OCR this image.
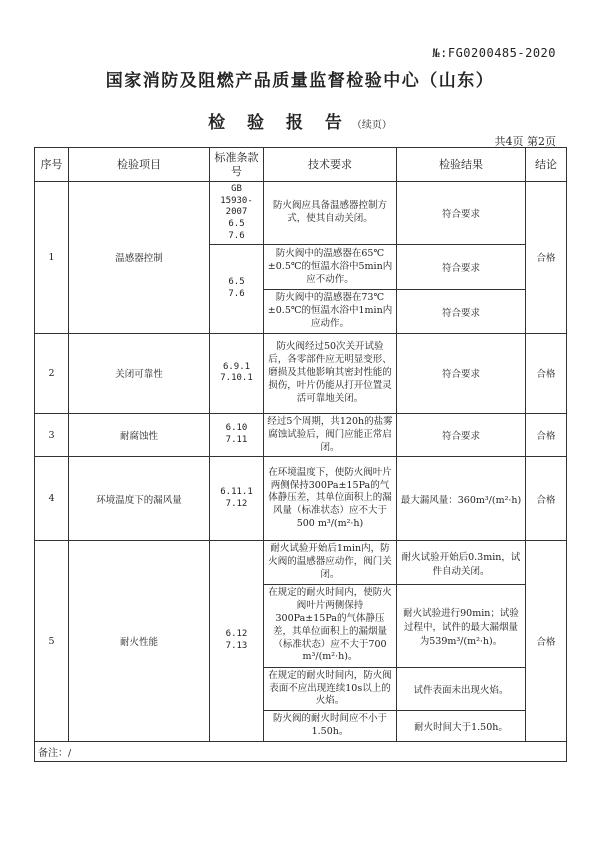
№:FG0200485-2020
国家消防及阻燃产品质量监督检验中心（山东）
检 验 报 告 （续页）
共4页 第2页
序号	检验项目	标准条款号	技术要求	检验结果	结论
1	温感器控制	GB 15930-2007
6.5
7.6	防火阀应具备温感器控制方式，使其自动关闭。	符合要求	合格

		6.5
7.6	防火阀中的温感器在65℃±0.5℃的恒温水浴中5min内应不动作。	符合要求	
			防火阀中的温感器在73℃±0.5℃的恒温水浴中1min内应动作。	符合要求	
2	关闭可靠性	6.9.1
7.10.1	防火阀经过50次关开试验后，各零部件应无明显变形、磨损及其他影响其密封性能的损伤，叶片仍能从打开位置灵活可靠地关闭。	符合要求	合格
3	耐腐蚀性	6.10
7.11	经过5个周期，共120h的盐雾腐蚀试验后，阀门应能正常启闭。	符合要求	合格
4	环境温度下的漏风量	6.11.1
7.12	在环境温度下，使防火阀叶片两侧保持300Pa±15Pa的气体静压差，其单位面积上的漏风量（标准状态）应不大于500 m³/(m²·h)	最大漏风量：360m³/(m²·h)	合格
5	耐火性能	6.12
7.13	耐火试验开始后1min内，防火阀的温感器应动作，阀门关闭。	耐火试验开始后0.3min，试件自动关闭。	合格
			在规定的耐火时间内，使防火阀叶片两侧保持300Pa±15Pa的气体静压差，其单位面积上的漏烟量（标准状态）应不大于700 m³/(m²·h)。	耐火试验进行90min；试验过程中，试件的最大漏烟量为539m³/(m²·h)。	
			在规定的耐火时间内，防火阀表面不应出现连续10s以上的火焰。	试件表面未出现火焰。	
			防火阀的耐火时间应不小于1.50h。	耐火时间大于1.50h。	
备注：/					
